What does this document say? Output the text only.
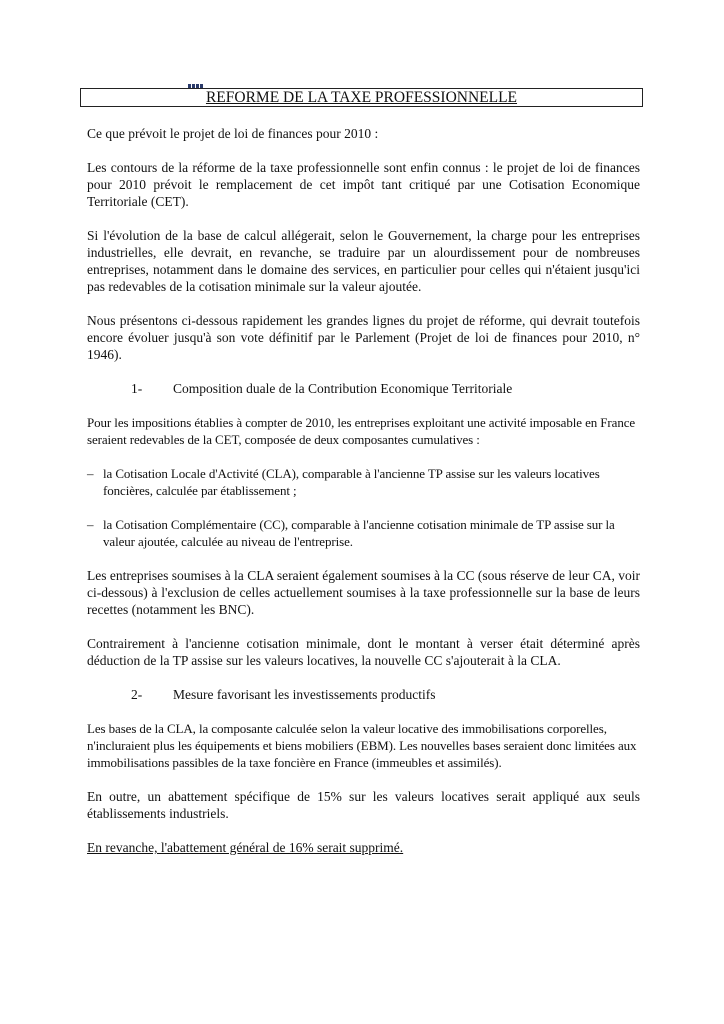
REFORME DE LA TAXE PROFESSIONNELLE

Ce que prévoit le projet de loi de finances pour 2010 :

Les contours de la réforme de la taxe professionnelle sont enfin connus : le projet de loi de finances pour 2010 prévoit le remplacement de cet impôt tant critiqué par une Cotisation Economique Territoriale (CET).

Si l'évolution de la base de calcul allégerait, selon le Gouvernement, la charge pour les entreprises industrielles, elle devrait, en revanche, se traduire par un alourdissement pour de nombreuses entreprises, notamment dans le domaine des services, en particulier pour celles qui n'étaient jusqu'ici pas redevables de la cotisation minimale sur la valeur ajoutée.

Nous présentons ci-dessous rapidement les grandes lignes du projet de réforme, qui devrait toutefois encore évoluer jusqu'à son vote définitif par le Parlement (Projet de loi de finances pour 2010, n° 1946).

1-	Composition duale de la Contribution Economique Territoriale

Pour les impositions établies à compter de 2010, les entreprises exploitant une activité imposable en France seraient redevables de la CET, composée de deux composantes cumulatives :

– la Cotisation Locale d'Activité (CLA), comparable à l'ancienne TP assise sur les valeurs locatives foncières, calculée par établissement ;
– la Cotisation Complémentaire (CC), comparable à l'ancienne cotisation minimale de TP assise sur la valeur ajoutée, calculée au niveau de l'entreprise.

Les entreprises soumises à la CLA seraient également soumises à la CC (sous réserve de leur CA, voir ci-dessous) à l'exclusion de celles actuellement soumises à la taxe professionnelle sur la base de leurs recettes (notamment les BNC).

Contrairement à l'ancienne cotisation minimale, dont le montant à verser était déterminé après déduction de la TP assise sur les valeurs locatives, la nouvelle CC s'ajouterait à la CLA.

2-	Mesure favorisant les investissements productifs

Les bases de la CLA, la composante calculée selon la valeur locative des immobilisations corporelles, n'incluraient plus les équipements et biens mobiliers (EBM). Les nouvelles bases seraient donc limitées aux immobilisations passibles de la taxe foncière en France (immeubles et assimilés).

En outre, un abattement spécifique de 15% sur les valeurs locatives serait appliqué aux seuls établissements industriels.

En revanche, l'abattement général de 16% serait supprimé.
